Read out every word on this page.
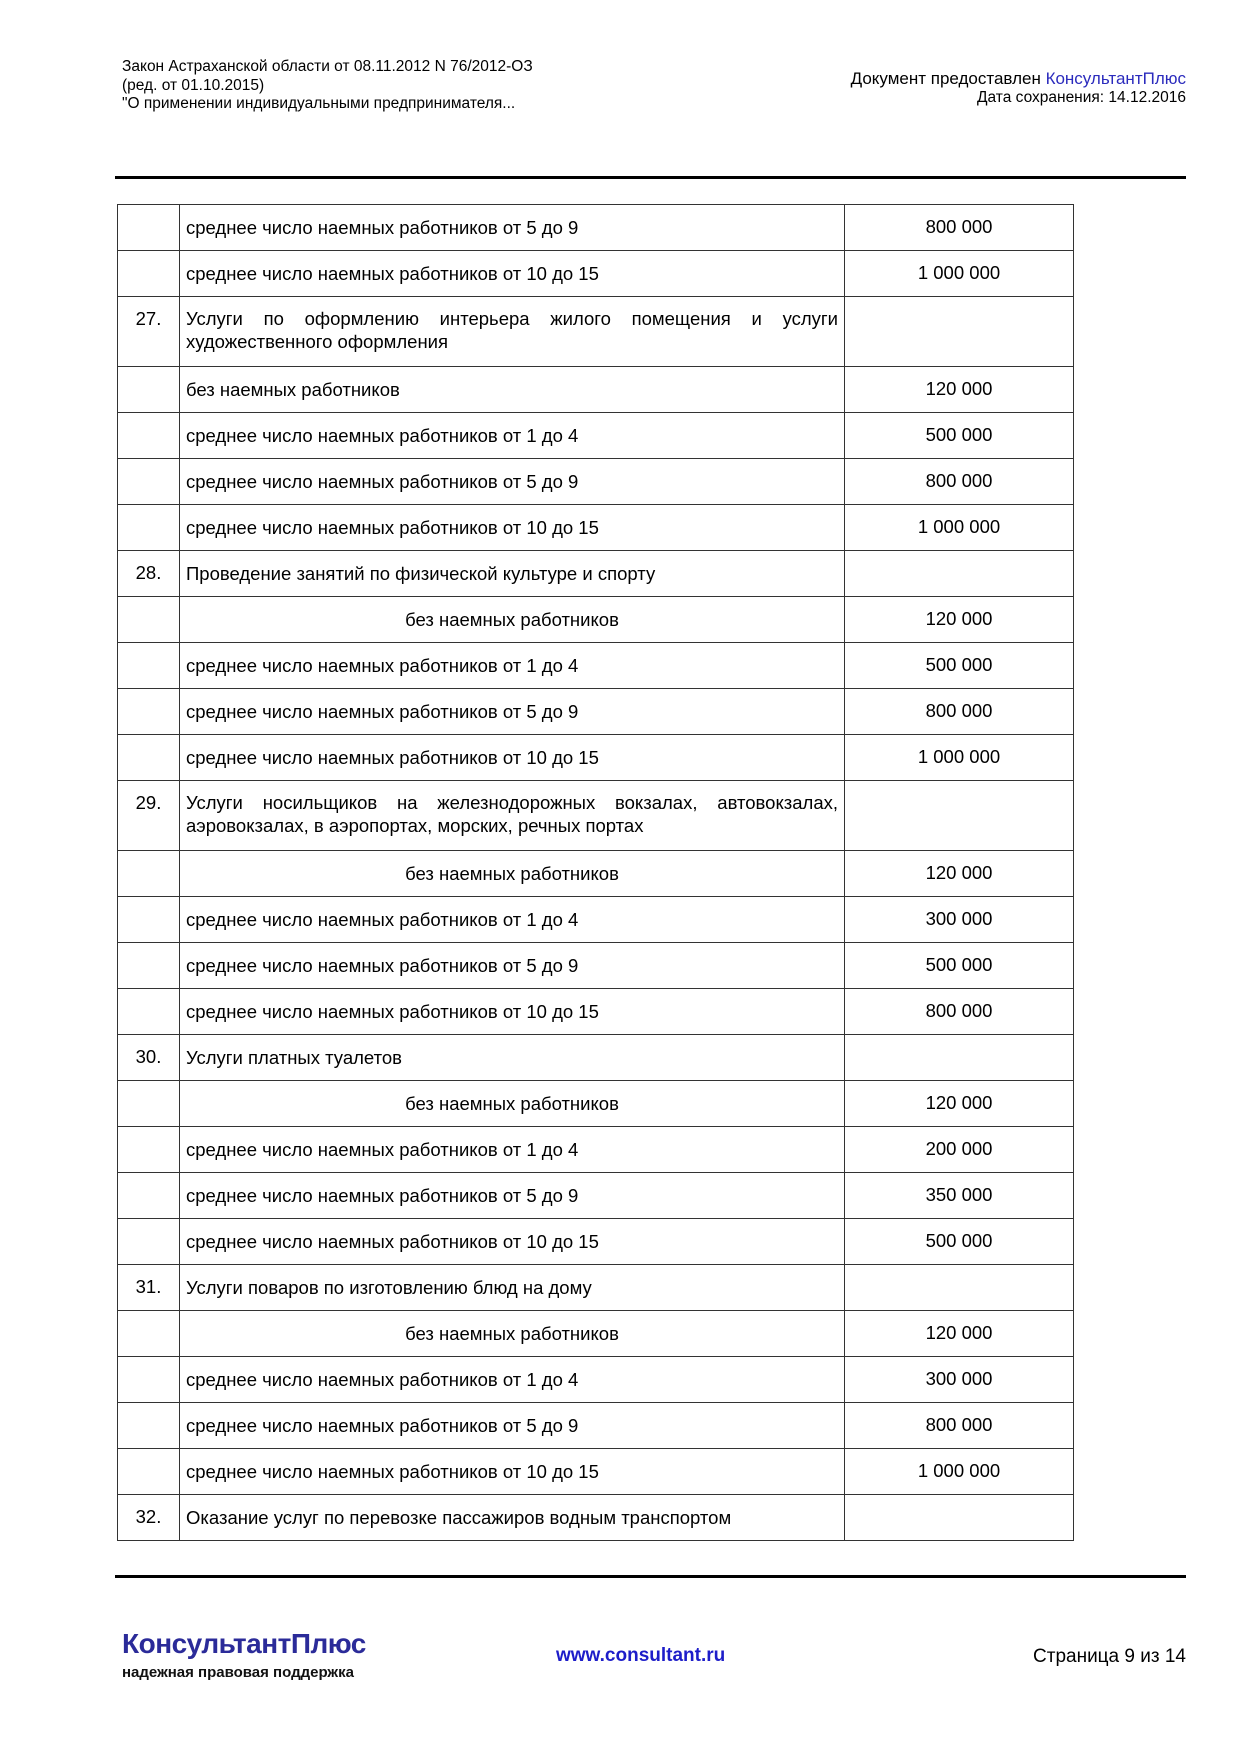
Закон Астраханской области от 08.11.2012 N 76/2012-ОЗ
(ред. от 01.10.2015)
"О применении индивидуальными предпринимателя...
Документ предоставлен КонсультантПлюс
Дата сохранения: 14.12.2016
	среднее число наемных работников от 5 до 9	800 000
	среднее число наемных работников от 10 до 15	1 000 000
27.	Услуги по оформлению интерьера жилого помещения и услуги художественного оформления	
	без наемных работников	120 000
	среднее число наемных работников от 1 до 4	500 000
	среднее число наемных работников от 5 до 9	800 000
	среднее число наемных работников от 10 до 15	1 000 000
28.	Проведение занятий по физической культуре и спорту	
	без наемных работников	120 000
	среднее число наемных работников от 1 до 4	500 000
	среднее число наемных работников от 5 до 9	800 000
	среднее число наемных работников от 10 до 15	1 000 000
29.	Услуги носильщиков на железнодорожных вокзалах, автовокзалах, аэровокзалах, в аэропортах, морских, речных портах	
	без наемных работников	120 000
	среднее число наемных работников от 1 до 4	300 000
	среднее число наемных работников от 5 до 9	500 000
	среднее число наемных работников от 10 до 15	800 000
30.	Услуги платных туалетов	
	без наемных работников	120 000
	среднее число наемных работников от 1 до 4	200 000
	среднее число наемных работников от 5 до 9	350 000
	среднее число наемных работников от 10 до 15	500 000
31.	Услуги поваров по изготовлению блюд на дому	
	без наемных работников	120 000
	среднее число наемных работников от 1 до 4	300 000
	среднее число наемных работников от 5 до 9	800 000
	среднее число наемных работников от 10 до 15	1 000 000
32.	Оказание услуг по перевозке пассажиров водным транспортом	
КонсультантПлюс
надежная правовая поддержка
www.consultant.ru	Страница 9 из 14
